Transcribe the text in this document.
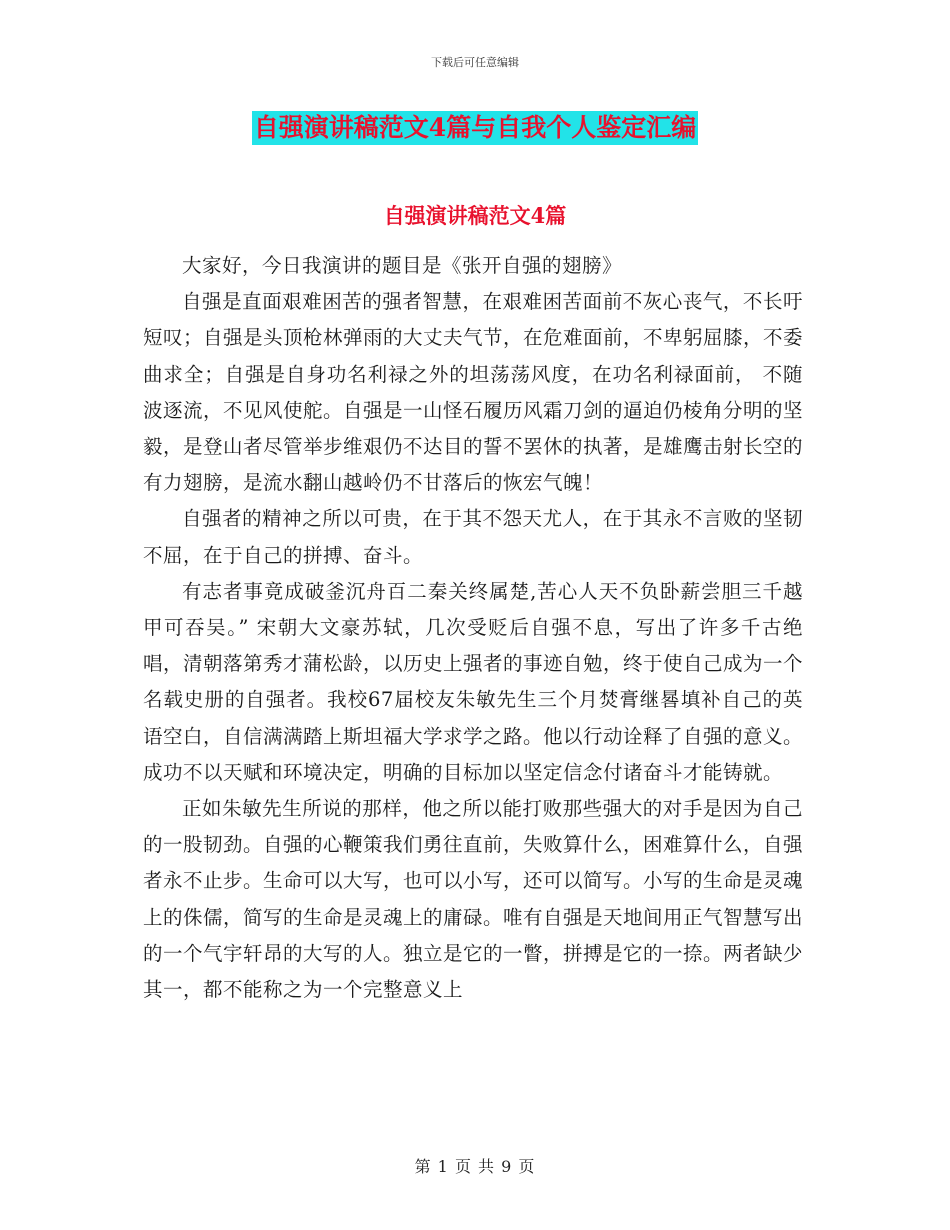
下载后可任意编辑
自强演讲稿范文4篇与自我个人鉴定汇编
自强演讲稿范文4篇

大家好，今日我演讲的题目是《张开自强的翅膀》

自强是直面艰难困苦的强者智慧，在艰难困苦面前不灰心丧气，不长吁短叹；自强是头顶枪林弹雨的大丈夫气节，在危难面前，不卑躬屈膝，不委曲求全；自强是自身功名利禄之外的坦荡荡风度，在功名利禄面前， 不随波逐流，不见风使舵。自强是一山怪石履历风霜刀剑的逼迫仍棱角分明的坚毅，是登山者尽管举步维艰仍不达目的誓不罢休的执著，是雄鹰击射长空的有力翅膀，是流水翻山越岭仍不甘落后的恢宏气魄！

自强者的精神之所以可贵，在于其不怨天尤人，在于其永不言败的坚韧不屈，在于自己的拼搏、奋斗。

有志者事竟成破釜沉舟百二秦关终属楚,苦心人天不负卧薪尝胆三千越甲可吞吴。” 宋朝大文豪苏轼，几次受贬后自强不息，写出了许多千古绝唱，清朝落第秀才蒲松龄，以历史上强者的事迹自勉，终于使自己成为一个名载史册的自强者。我校67届校友朱敏先生三个月焚膏继晷填补自己的英语空白，自信满满踏上斯坦福大学求学之路。他以行动诠释了自强的意义。成功不以天赋和环境决定，明确的目标加以坚定信念付诸奋斗才能铸就。

正如朱敏先生所说的那样，他之所以能打败那些强大的对手是因为自己的一股韧劲。自强的心鞭策我们勇往直前，失败算什么，困难算什么，自强者永不止步。生命可以大写，也可以小写，还可以简写。小写的生命是灵魂上的侏儒，简写的生命是灵魂上的庸碌。唯有自强是天地间用正气智慧写出的一个气宇轩昂的大写的人。独立是它的一瞥，拼搏是它的一捺。两者缺少其一，都不能称之为一个完整意义上

第 1 页 共 9 页
